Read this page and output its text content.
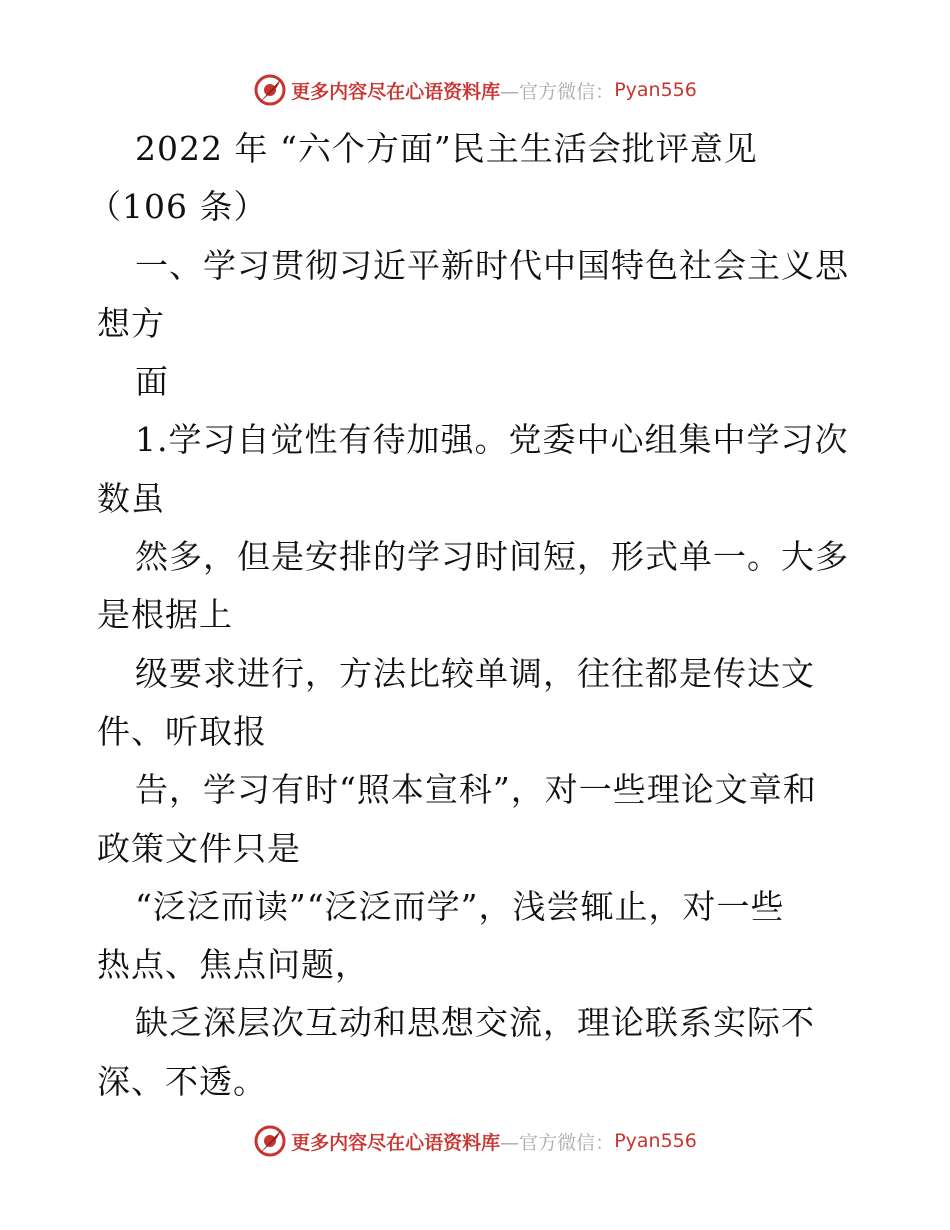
更多内容尽在心语资料库 —官方微信： Pyan556
2022 年 “六个方面”民主生活会批评意见
（106 条）
一、学习贯彻习近平新时代中国特色社会主义思
想方
面
1.学习自觉性有待加强。党委中心组集中学习次
数虽
然多，但是安排的学习时间短，形式单一。大多
是根据上
级要求进行，方法比较单调，往往都是传达文
件、听取报
告，学习有时“照本宣科”，对一些理论文章和
政策文件只是
“泛泛而读”“泛泛而学”，浅尝辄止，对一些
热点、焦点问题，
缺乏深层次互动和思想交流，理论联系实际不
深、不透。
更多内容尽在心语资料库 —官方微信： Pyan556
